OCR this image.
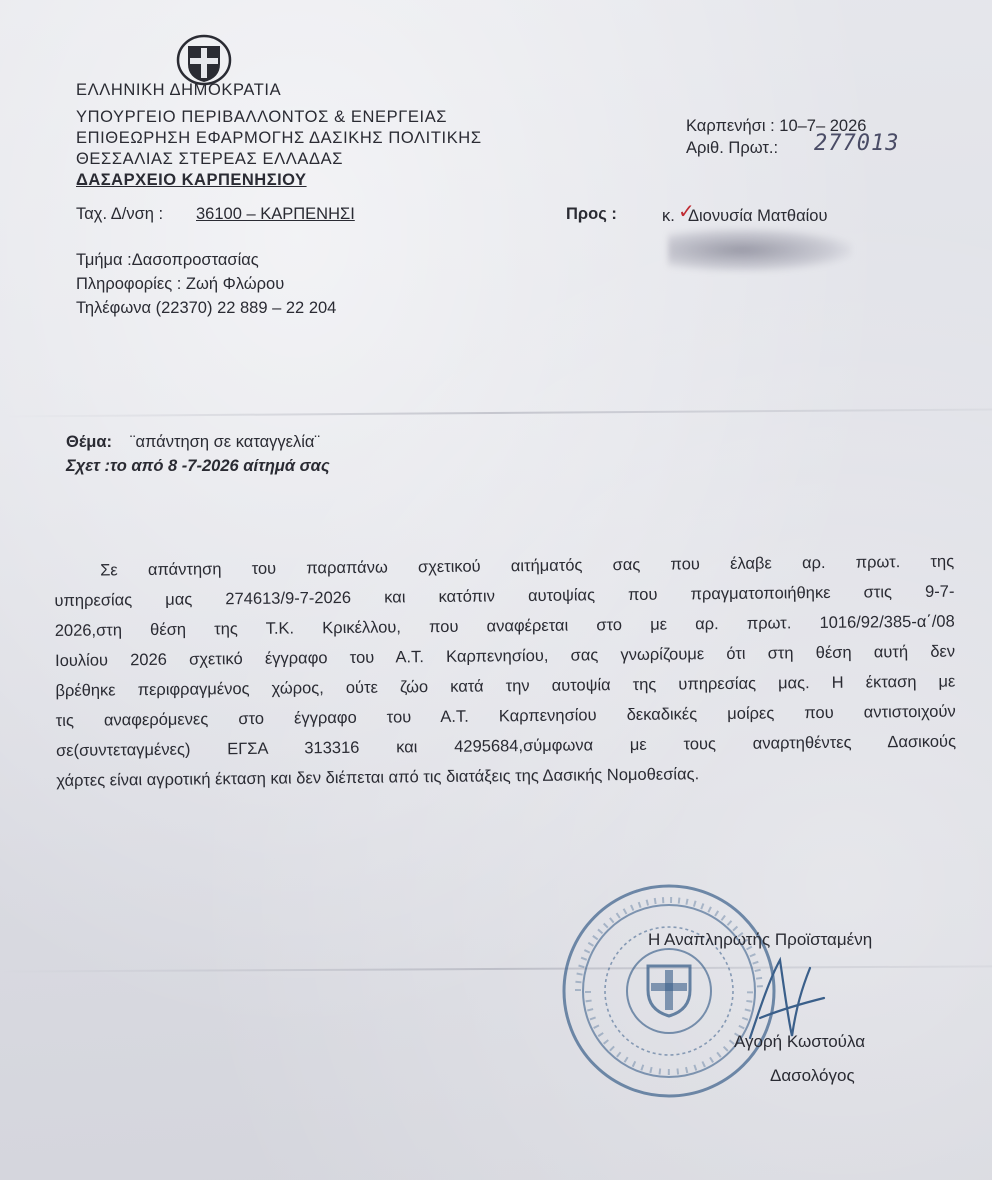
ΕΛΛΗΝΙΚΗ ΔΗΜΟΚΡΑΤΙΑ
ΥΠΟΥΡΓΕΙΟ ΠΕΡΙΒΑΛΛΟΝΤΟΣ & ΕΝΕΡΓΕΙΑΣ
ΕΠΙΘΕΩΡΗΣΗ ΕΦΑΡΜΟΓΗΣ ΔΑΣΙΚΗΣ ΠΟΛΙΤΙΚΗΣ
ΘΕΣΣΑΛΙΑΣ ΣΤΕΡΕΑΣ ΕΛΛΑΔΑΣ
ΔΑΣΑΡΧΕΙΟ ΚΑΡΠΕΝΗΣΙΟΥ
Ταχ. Δ/νση : 36100 – ΚΑΡΠΕΝΗΣΙ
Τμήμα :Δασοπροστασίας
Πληροφορίες : Ζωή Φλώρου
Τηλέφωνα (22370) 22 889 – 22 204
Καρπενήσι : 10–7– 2026
Αριθ. Πρωτ.: 277013
Προς :	κ. ✓
Διονυσία Ματθαίου
Θέμα: ¨απάντηση σε καταγγελία¨
Σχετ :το από 8 -7-2026 αίτημά σας
Σε απάντηση του παραπάνω σχετικού αιτήματός σας που έλαβε αρ. πρωτ. της
υπηρεσίας μας 274613/9-7-2026 και κατόπιν αυτοψίας που πραγματοποιήθηκε στις 9-7-
2026,στη θέση της Τ.Κ. Κρικέλλου, που αναφέρεται στο με αρ. πρωτ. 1016/92/385-α΄/08
Ιουλίου 2026 σχετικό έγγραφο του Α.Τ. Καρπενησίου, σας γνωρίζουμε ότι στη θέση αυτή δεν
βρέθηκε περιφραγμένος χώρος, ούτε ζώο κατά την αυτοψία της υπηρεσίας μας. Η έκταση με
τις αναφερόμενες στο έγγραφο του Α.Τ. Καρπενησίου δεκαδικές μοίρες που αντιστοιχούν
σε(συντεταγμένες) ΕΓΣΑ 313316 και 4295684,σύμφωνα με τους αναρτηθέντες Δασικούς
χάρτες είναι αγροτική έκταση και δεν διέπεται από τις διατάξεις της Δασικής Νομοθεσίας.
Η Αναπληρωτής Προϊσταμένη
Αγορή Κωστούλα
Δασολόγος
